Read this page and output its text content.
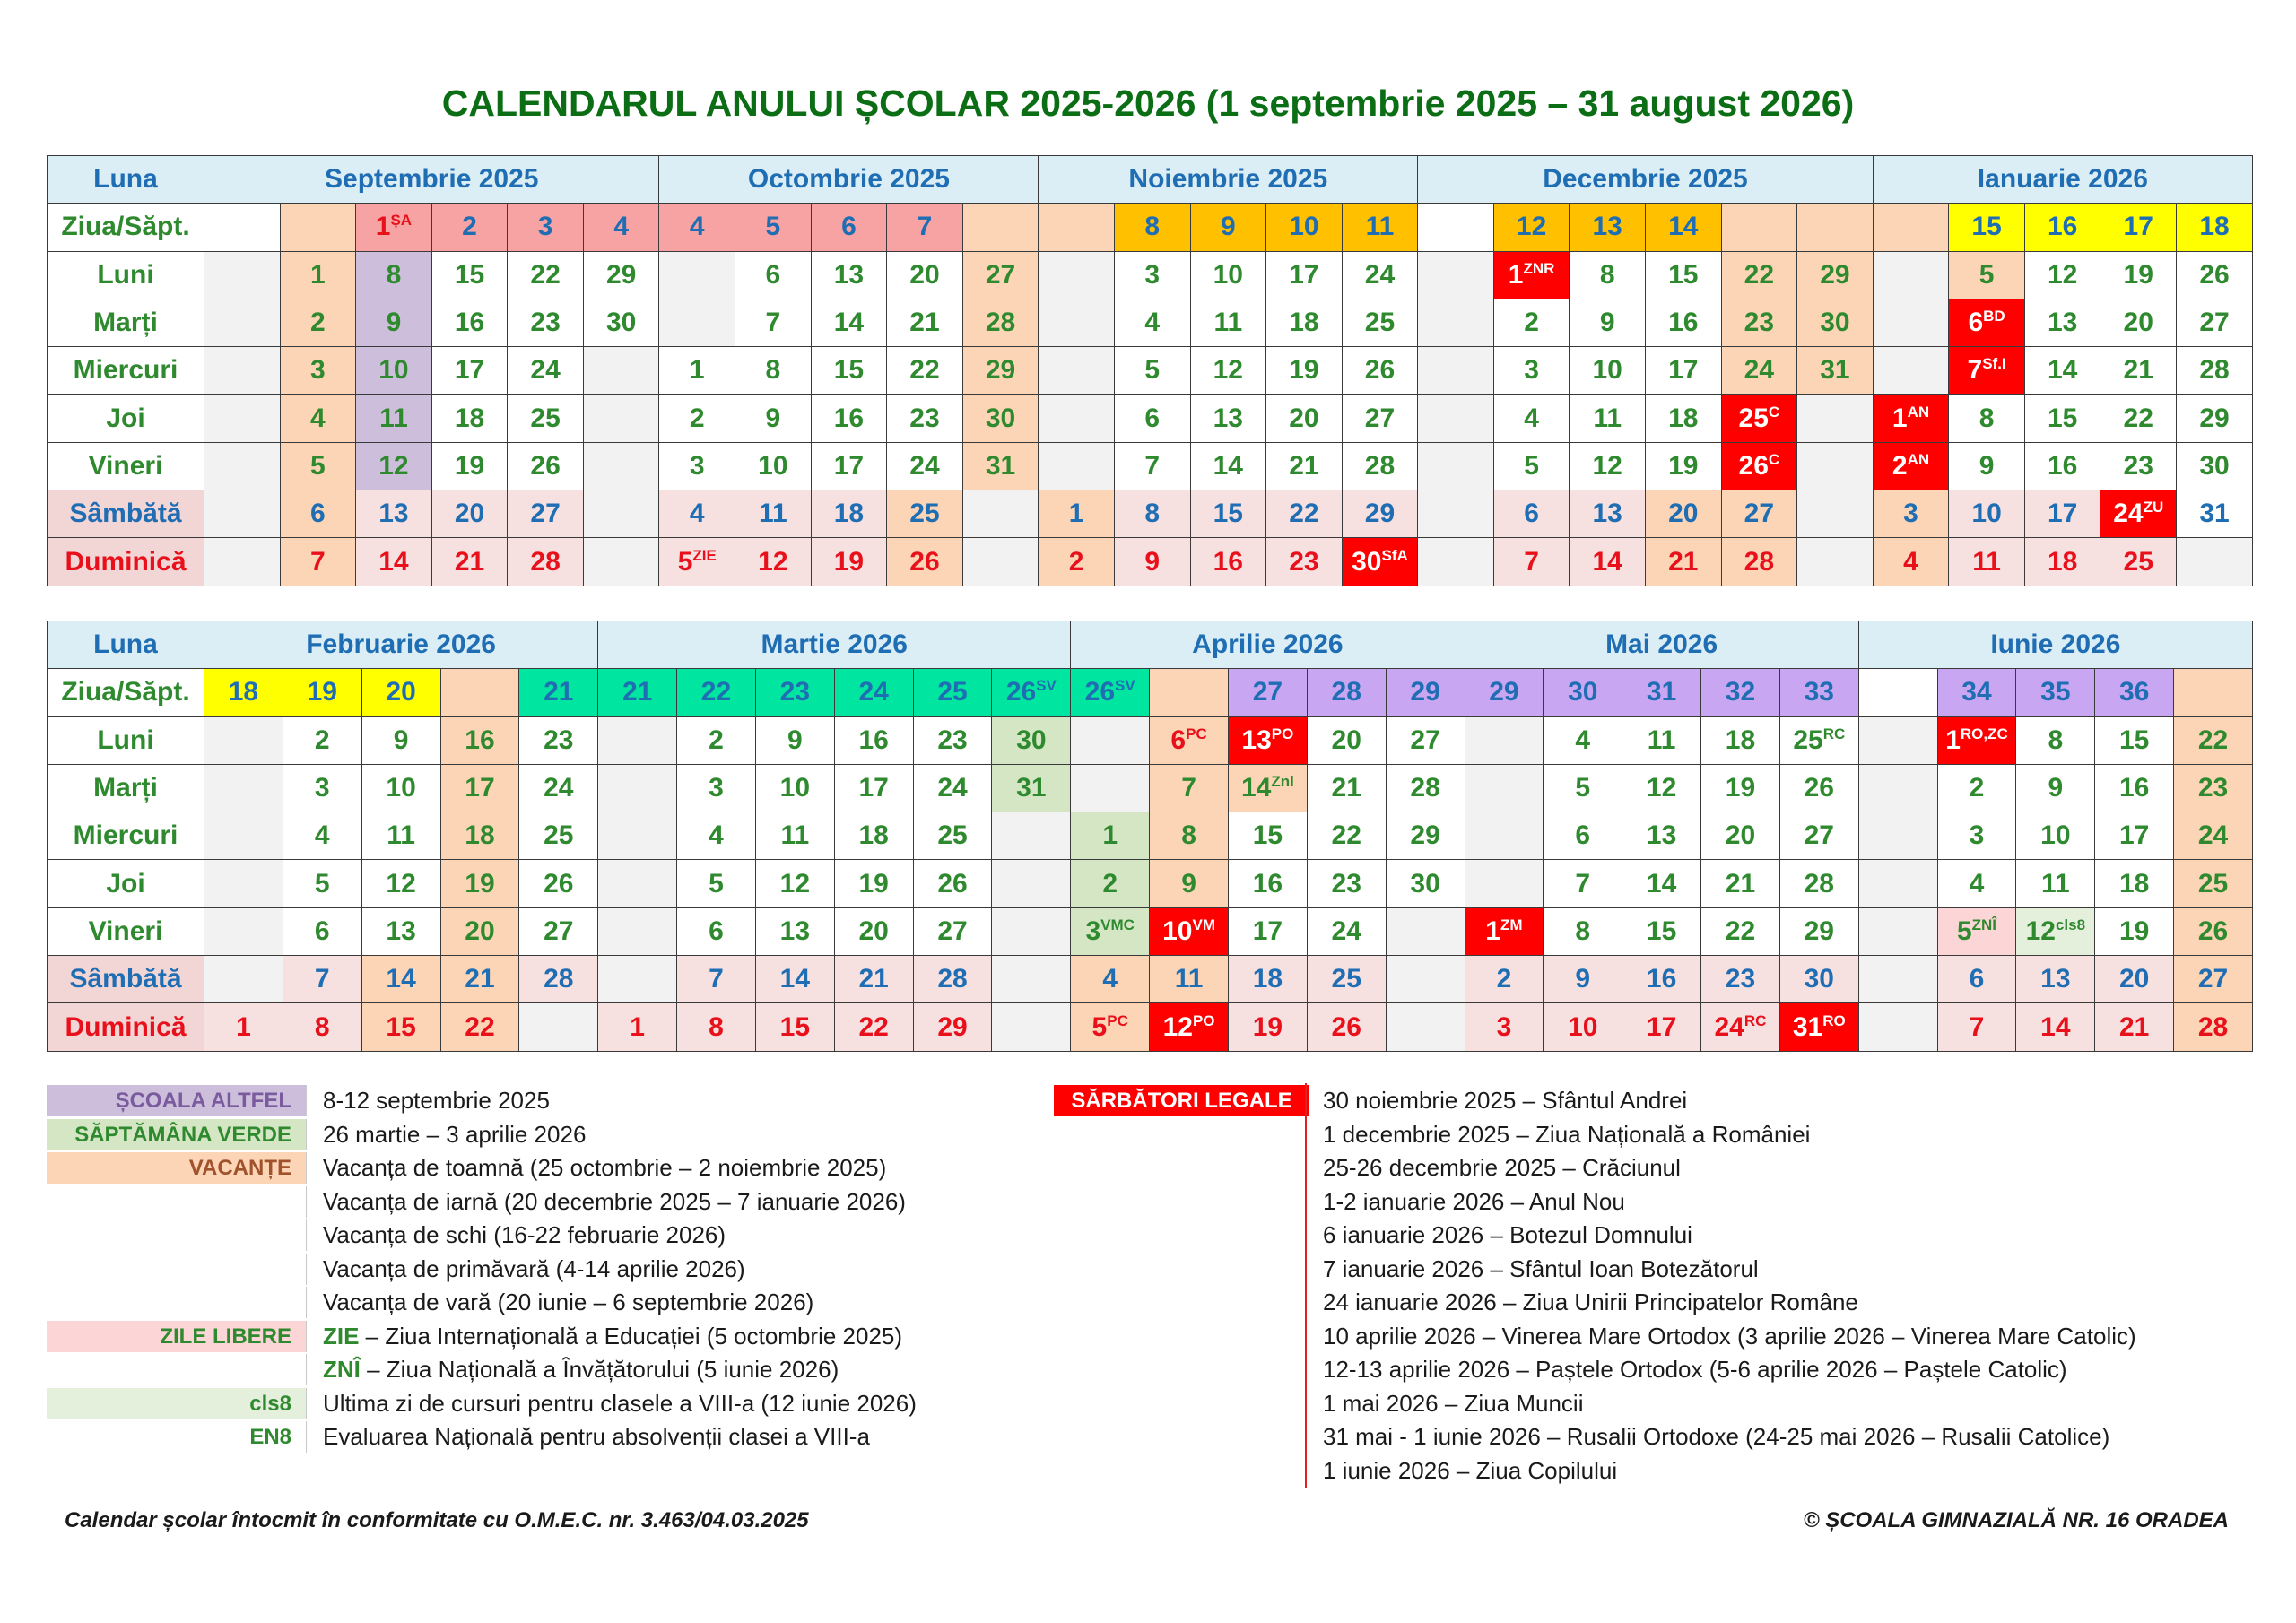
CALENDARUL ANULUI ȘCOLAR 2025-2026 (1 septembrie 2025 – 31 august 2026)
Luna	Septembrie 2025						Octombrie 2025					Noiembrie 2025					Decembrie 2025						Ianuarie 2026				
Ziua/Săpt.			$1^{ȘA}$	2	3	4	4	5	6	7			8	9	10	11		12	13	14				15	16	17	18
Luni		1	8	15	22	29		6	13	20	27		3	10	17	24		$1^{ZNR}$	8	15	22	29		5	12	19	26
Marți		2	9	16	23	30		7	14	21	28		4	11	18	25		2	9	16	23	30		$6^{BD}$	13	20	27
Miercuri		3	10	17	24		1	8	15	22	29		5	12	19	26		3	10	17	24	31		$7^{Sf.I}$	14	21	28
Joi		4	11	18	25		2	9	16	23	30		6	13	20	27		4	11	18	$25^C$		$1^{AN}$	8	15	22	29
Vineri		5	12	19	26		3	10	17	24	31		7	14	21	28		5	12	19	$26^C$		$2^{AN}$	9	16	23	30
Sâmbătă		6	13	20	27		4	11	18	25		1	8	15	22	29		6	13	20	27		3	10	17	$24^{ZU}$	31
Duminică		7	14	21	28		$5^{ZIE}$	12	19	26		2	9	16	23	$30^{SfA}$		7	14	21	28		4	11	18	25	
Luna	Februarie 2026					Martie 2026						Aprilie 2026					Mai 2026					Iunie 2026				
Ziua/Săpt.	18	19	20		21	21	22	23	24	25	$26^{SV}$	$26^{SV}$		27	28	29	29	30	31	32	33		34	35	36	
Luni		2	9	16	23		2	9	16	23	30		$6^{PC}$	$13^{PO}$	20	27		4	11	18	$25^{RC}$		$1^{RO,ZC}$	8	15	22
Marți		3	10	17	24		3	10	17	24	31		7	$14^{Znl}$	21	28		5	12	19	26		2	9	16	23
Miercuri		4	11	18	25		4	11	18	25		1	8	15	22	29		6	13	20	27		3	10	17	24
Joi		5	12	19	26		5	12	19	26		2	9	16	23	30		7	14	21	28		4	11	18	25
Vineri		6	13	20	27		6	13	20	27		$3^{VMC}$	$10^{VM}$	17	24		$1^{ZM}$	8	15	22	29		$5^{ZNÎ}$	$12^{cls8}$	19	26
Sâmbătă		7	14	21	28		7	14	21	28		4	11	18	25		2	9	16	23	30		6	13	20	27
Duminică	1	8	15	22		1	8	15	22	29		$5^{PC}$	$12^{PO}$	19	26		3	10	17	$24^{RC}$	$31^{RO}$		7	14	21	28
ȘCOALA ALTFEL	8-12 septembrie 2025
SĂPTĂMÂNA VERDE	26 martie – 3 aprilie 2026
VACANȚE	Vacanța de toamnă (25 octombrie – 2 noiembrie 2025)
Vacanța de iarnă (20 decembrie 2025 – 7 ianuarie 2026)
Vacanța de schi (16-22 februarie 2026)
Vacanța de primăvară (4-14 aprilie 2026)
Vacanța de vară (20 iunie – 6 septembrie 2026)
ZILE LIBERE	ZIE – Ziua Internațională a Educației (5 octombrie 2025)
ZNÎ – Ziua Națională a Învățătorului (5 iunie 2026)
cls8	Ultima zi de cursuri pentru clasele a VIII-a (12 iunie 2026)
EN8	Evaluarea Națională pentru absolvenții clasei a VIII-a
SĂRBĂTORI LEGALE	30 noiembrie 2025 – Sfântul Andrei
1 decembrie 2025 – Ziua Națională a României
25-26 decembrie 2025 – Crăciunul
1-2 ianuarie 2026 – Anul Nou
6 ianuarie 2026 – Botezul Domnului
7 ianuarie 2026 – Sfântul Ioan Botezătorul
24 ianuarie 2026 – Ziua Unirii Principatelor Române
10 aprilie 2026 – Vinerea Mare Ortodox (3 aprilie 2026 – Vinerea Mare Catolic)
12-13 aprilie 2026 – Paștele Ortodox (5-6 aprilie 2026 – Paștele Catolic)
1 mai 2026 – Ziua Muncii
31 mai - 1 iunie 2026 – Rusalii Ortodoxe (24-25 mai 2026 – Rusalii Catolice)
1 iunie 2026 – Ziua Copilului
Calendar școlar întocmit în conformitate cu O.M.E.C. nr. 3.463/04.03.2025	© ȘCOALA GIMNAZIALĂ NR. 16 ORADEA
